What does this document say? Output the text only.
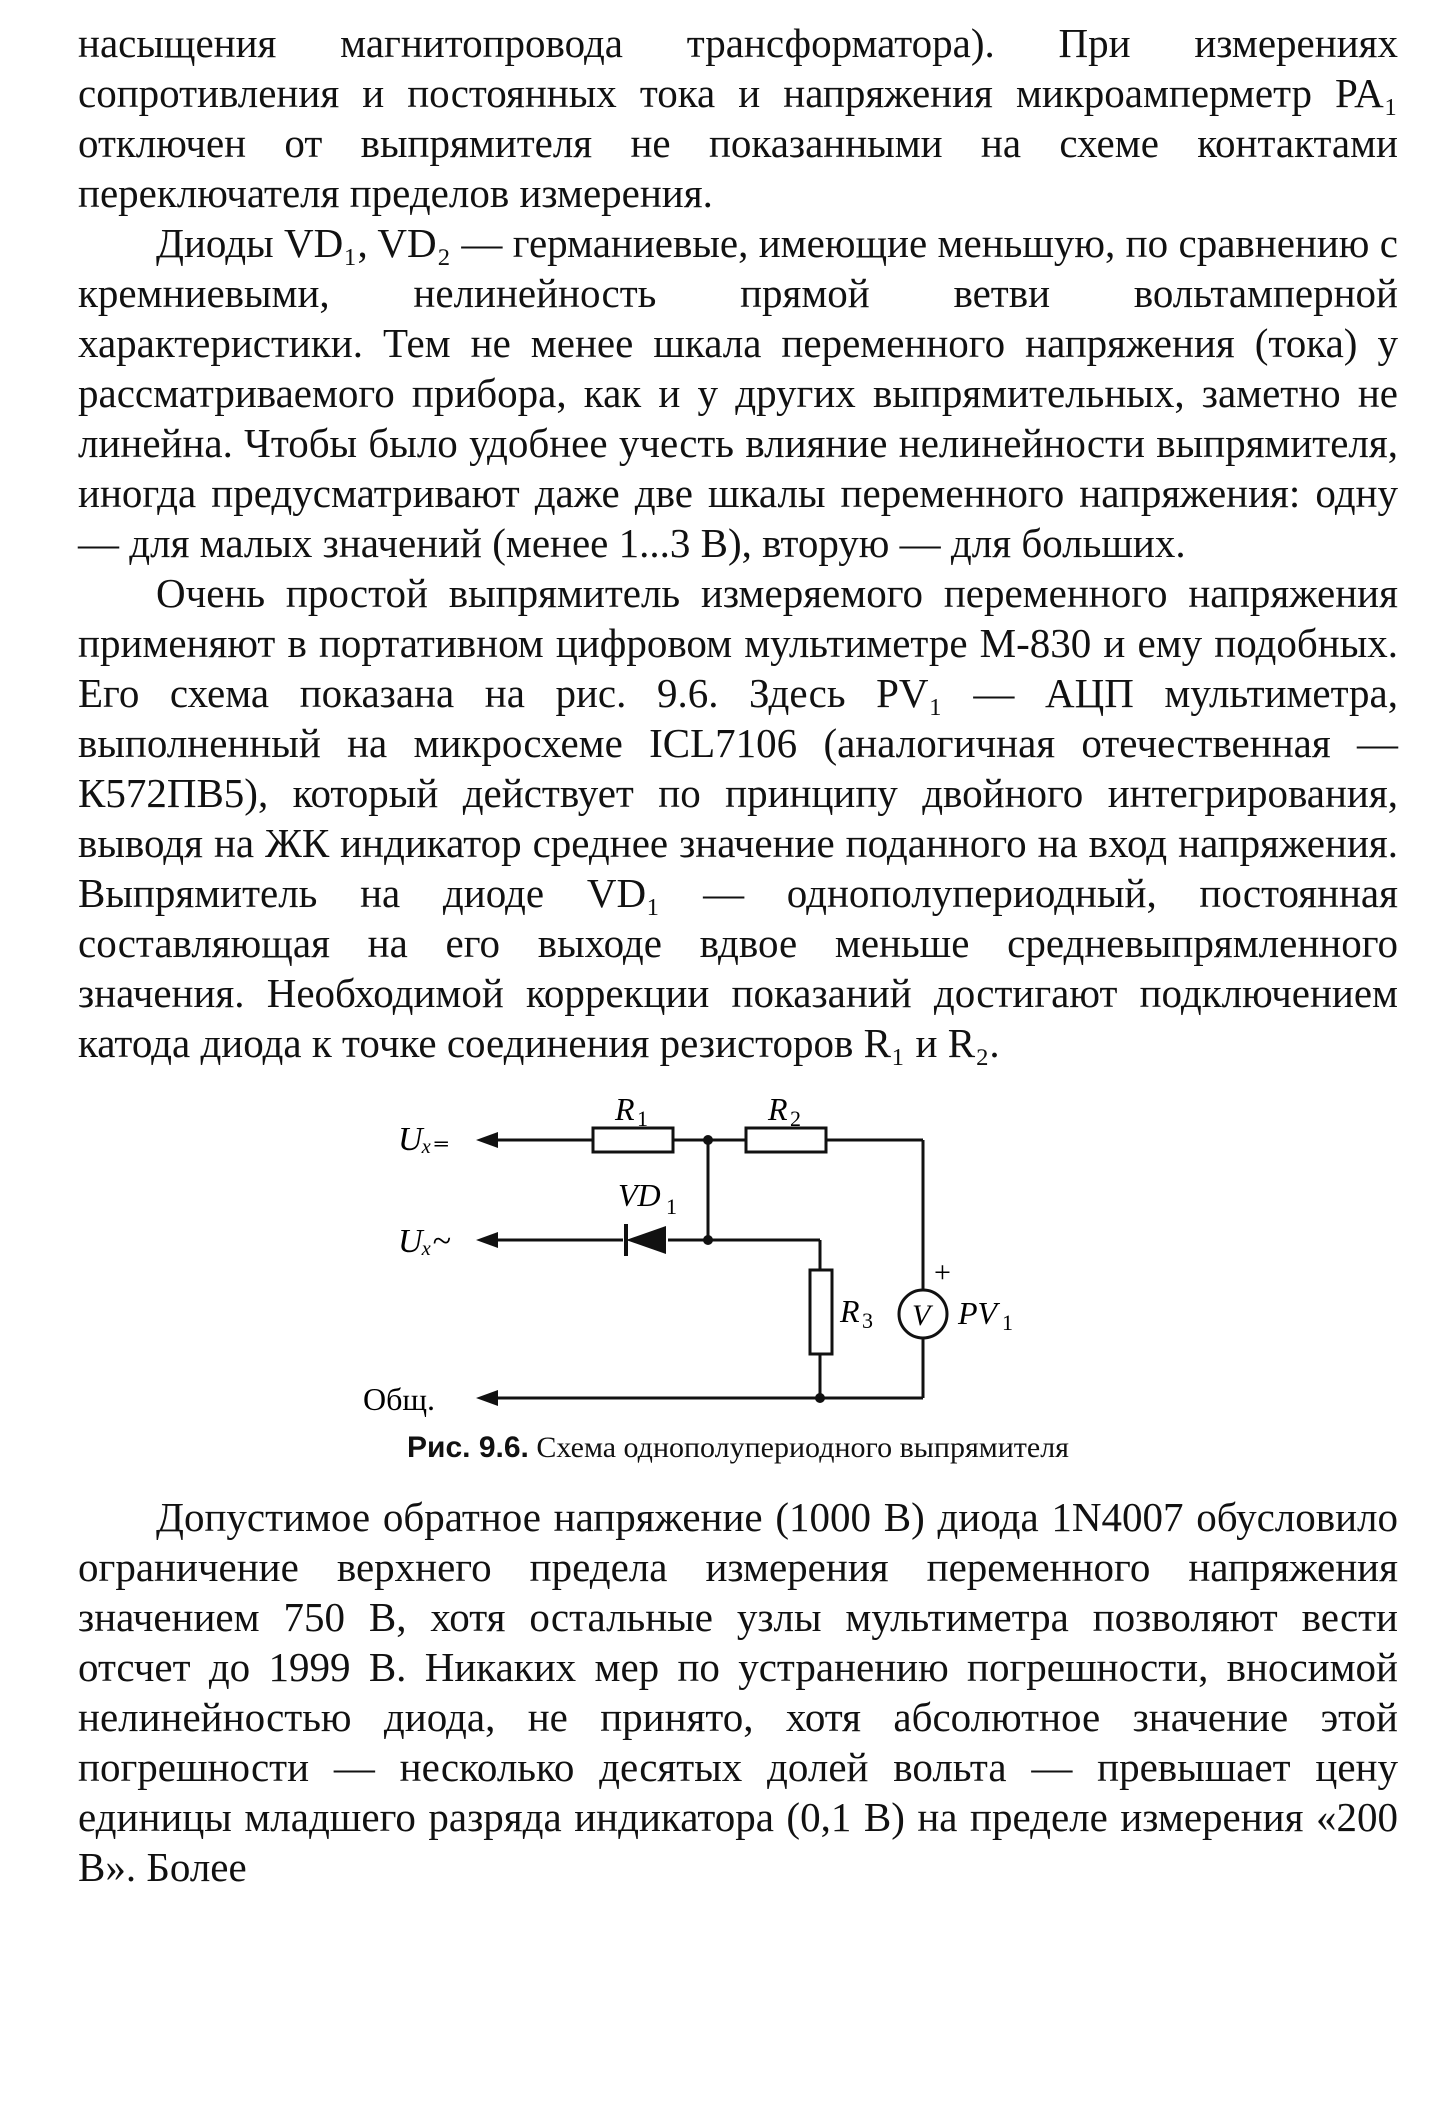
насыщения магнитопровода трансформатора). При измерениях сопротивления и постоянных тока и напряжения микроамперметр PA₁ отключен от выпрямителя не показанными на схеме контактами переключателя пределов измерения.

Диоды VD₁, VD₂ — германиевые, имеющие меньшую, по сравнению с кремниевыми, нелинейность прямой ветви вольтамперной характеристики. Тем не менее шкала переменного напряжения (тока) у рассматриваемого прибора, как и у других выпрямительных, заметно не линейна. Чтобы было удобнее учесть влияние нелинейности выпрямителя, иногда предусматривают даже две шкалы переменного напряжения: одну — для малых значений (менее 1...3 В), вторую — для больших.

Очень простой выпрямитель измеряемого переменного напряжения применяют в портативном цифровом мультиметре М-830 и ему подобных. Его схема показана на рис. 9.6. Здесь PV₁ — АЦП мультиметра, выполненный на микросхеме ICL7106 (аналогичная отечественная — К572ПВ5), который действует по принципу двойного интегрирования, выводя на ЖК индикатор среднее значение поданного на вход напряжения. Выпрямитель на диоде VD₁ — однополупериодный, постоянная составляющая на его выходе вдвое меньше средневыпрямленного значения. Необходимой коррекции показаний достигают подключением катода диода к точке соединения резисторов R₁ и R₂.

Uₓ₌
Uₓ~
Общ.
R 1	R 2
VD 1
R 3 V PV 1
+
Рис. 9.6. Схема однополупериодного выпрямителя

Допустимое обратное напряжение (1000 В) диода 1N4007 обусловило ограничение верхнего предела измерения переменного напряжения значением 750 В, хотя остальные узлы мультиметра позволяют вести отсчет до 1999 В. Никаких мер по устранению погрешности, вносимой нелинейностью диода, не принято, хотя абсолютное значение этой погрешности — несколько десятых долей вольта — превышает цену единицы младшего разряда индикатора (0,1 В) на пределе измерения «200 В». Более
